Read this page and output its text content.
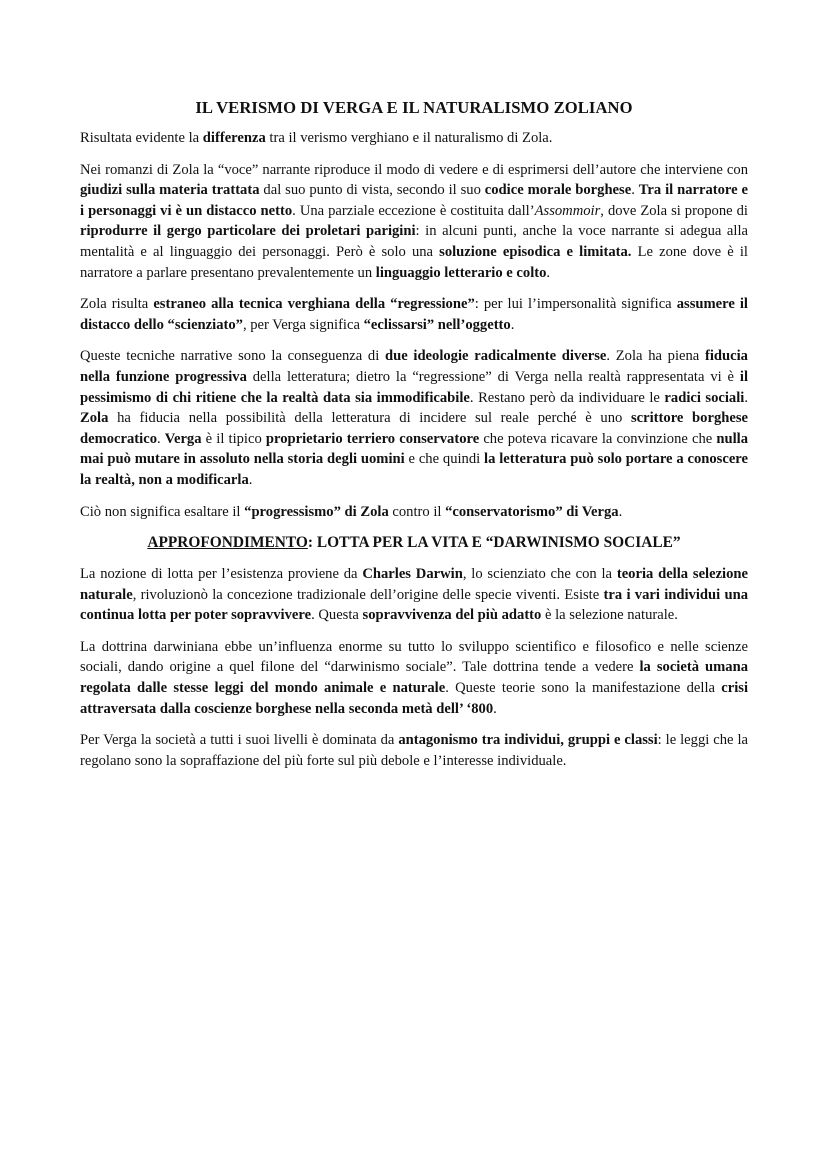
IL VERISMO DI VERGA E IL NATURALISMO ZOLIANO

Risultata evidente la differenza tra il verismo verghiano e il naturalismo di Zola.

Nei romanzi di Zola la “voce” narrante riproduce il modo di vedere e di esprimersi dell’autore che interviene con giudizi sulla materia trattata dal suo punto di vista, secondo il suo codice morale borghese. Tra il narratore e i personaggi vi è un distacco netto. Una parziale eccezione è costituita dall’Assommoir, dove Zola si propone di riprodurre il gergo particolare dei proletari parigini: in alcuni punti, anche la voce narrante si adegua alla mentalità e al linguaggio dei personaggi. Però è solo una soluzione episodica e limitata. Le zone dove è il narratore a parlare presentano prevalentemente un linguaggio letterario e colto.

Zola risulta estraneo alla tecnica verghiana della “regressione”: per lui l’impersonalità significa assumere il distacco dello “scienziato”, per Verga significa “eclissarsi” nell’oggetto.

Queste tecniche narrative sono la conseguenza di due ideologie radicalmente diverse. Zola ha piena fiducia nella funzione progressiva della letteratura; dietro la “regressione” di Verga nella realtà rappresentata vi è il pessimismo di chi ritiene che la realtà data sia immodificabile. Restano però da individuare le radici sociali. Zola ha fiducia nella possibilità della letteratura di incidere sul reale perché è uno scrittore borghese democratico. Verga è il tipico proprietario terriero conservatore che poteva ricavare la convinzione che nulla mai può mutare in assoluto nella storia degli uomini e che quindi la letteratura può solo portare a conoscere la realtà, non a modificarla.

Ciò non significa esaltare il “progressismo” di Zola contro il “conservatorismo” di Verga.

APPROFONDIMENTO: LOTTA PER LA VITA E “DARWINISMO SOCIALE”

La nozione di lotta per l’esistenza proviene da Charles Darwin, lo scienziato che con la teoria della selezione naturale, rivoluzionò la concezione tradizionale dell’origine delle specie viventi. Esiste tra i vari individui una continua lotta per poter sopravvivere. Questa sopravvivenza del più adatto è la selezione naturale.

La dottrina darwiniana ebbe un’influenza enorme su tutto lo sviluppo scientifico e filosofico e nelle scienze sociali, dando origine a quel filone del “darwinismo sociale”. Tale dottrina tende a vedere la società umana regolata dalle stesse leggi del mondo animale e naturale. Queste teorie sono la manifestazione della crisi attraversata dalla coscienze borghese nella seconda metà dell’ ‘800.

Per Verga la società a tutti i suoi livelli è dominata da antagonismo tra individui, gruppi e classi: le leggi che la regolano sono la sopraffazione del più forte sul più debole e l’interesse individuale.
